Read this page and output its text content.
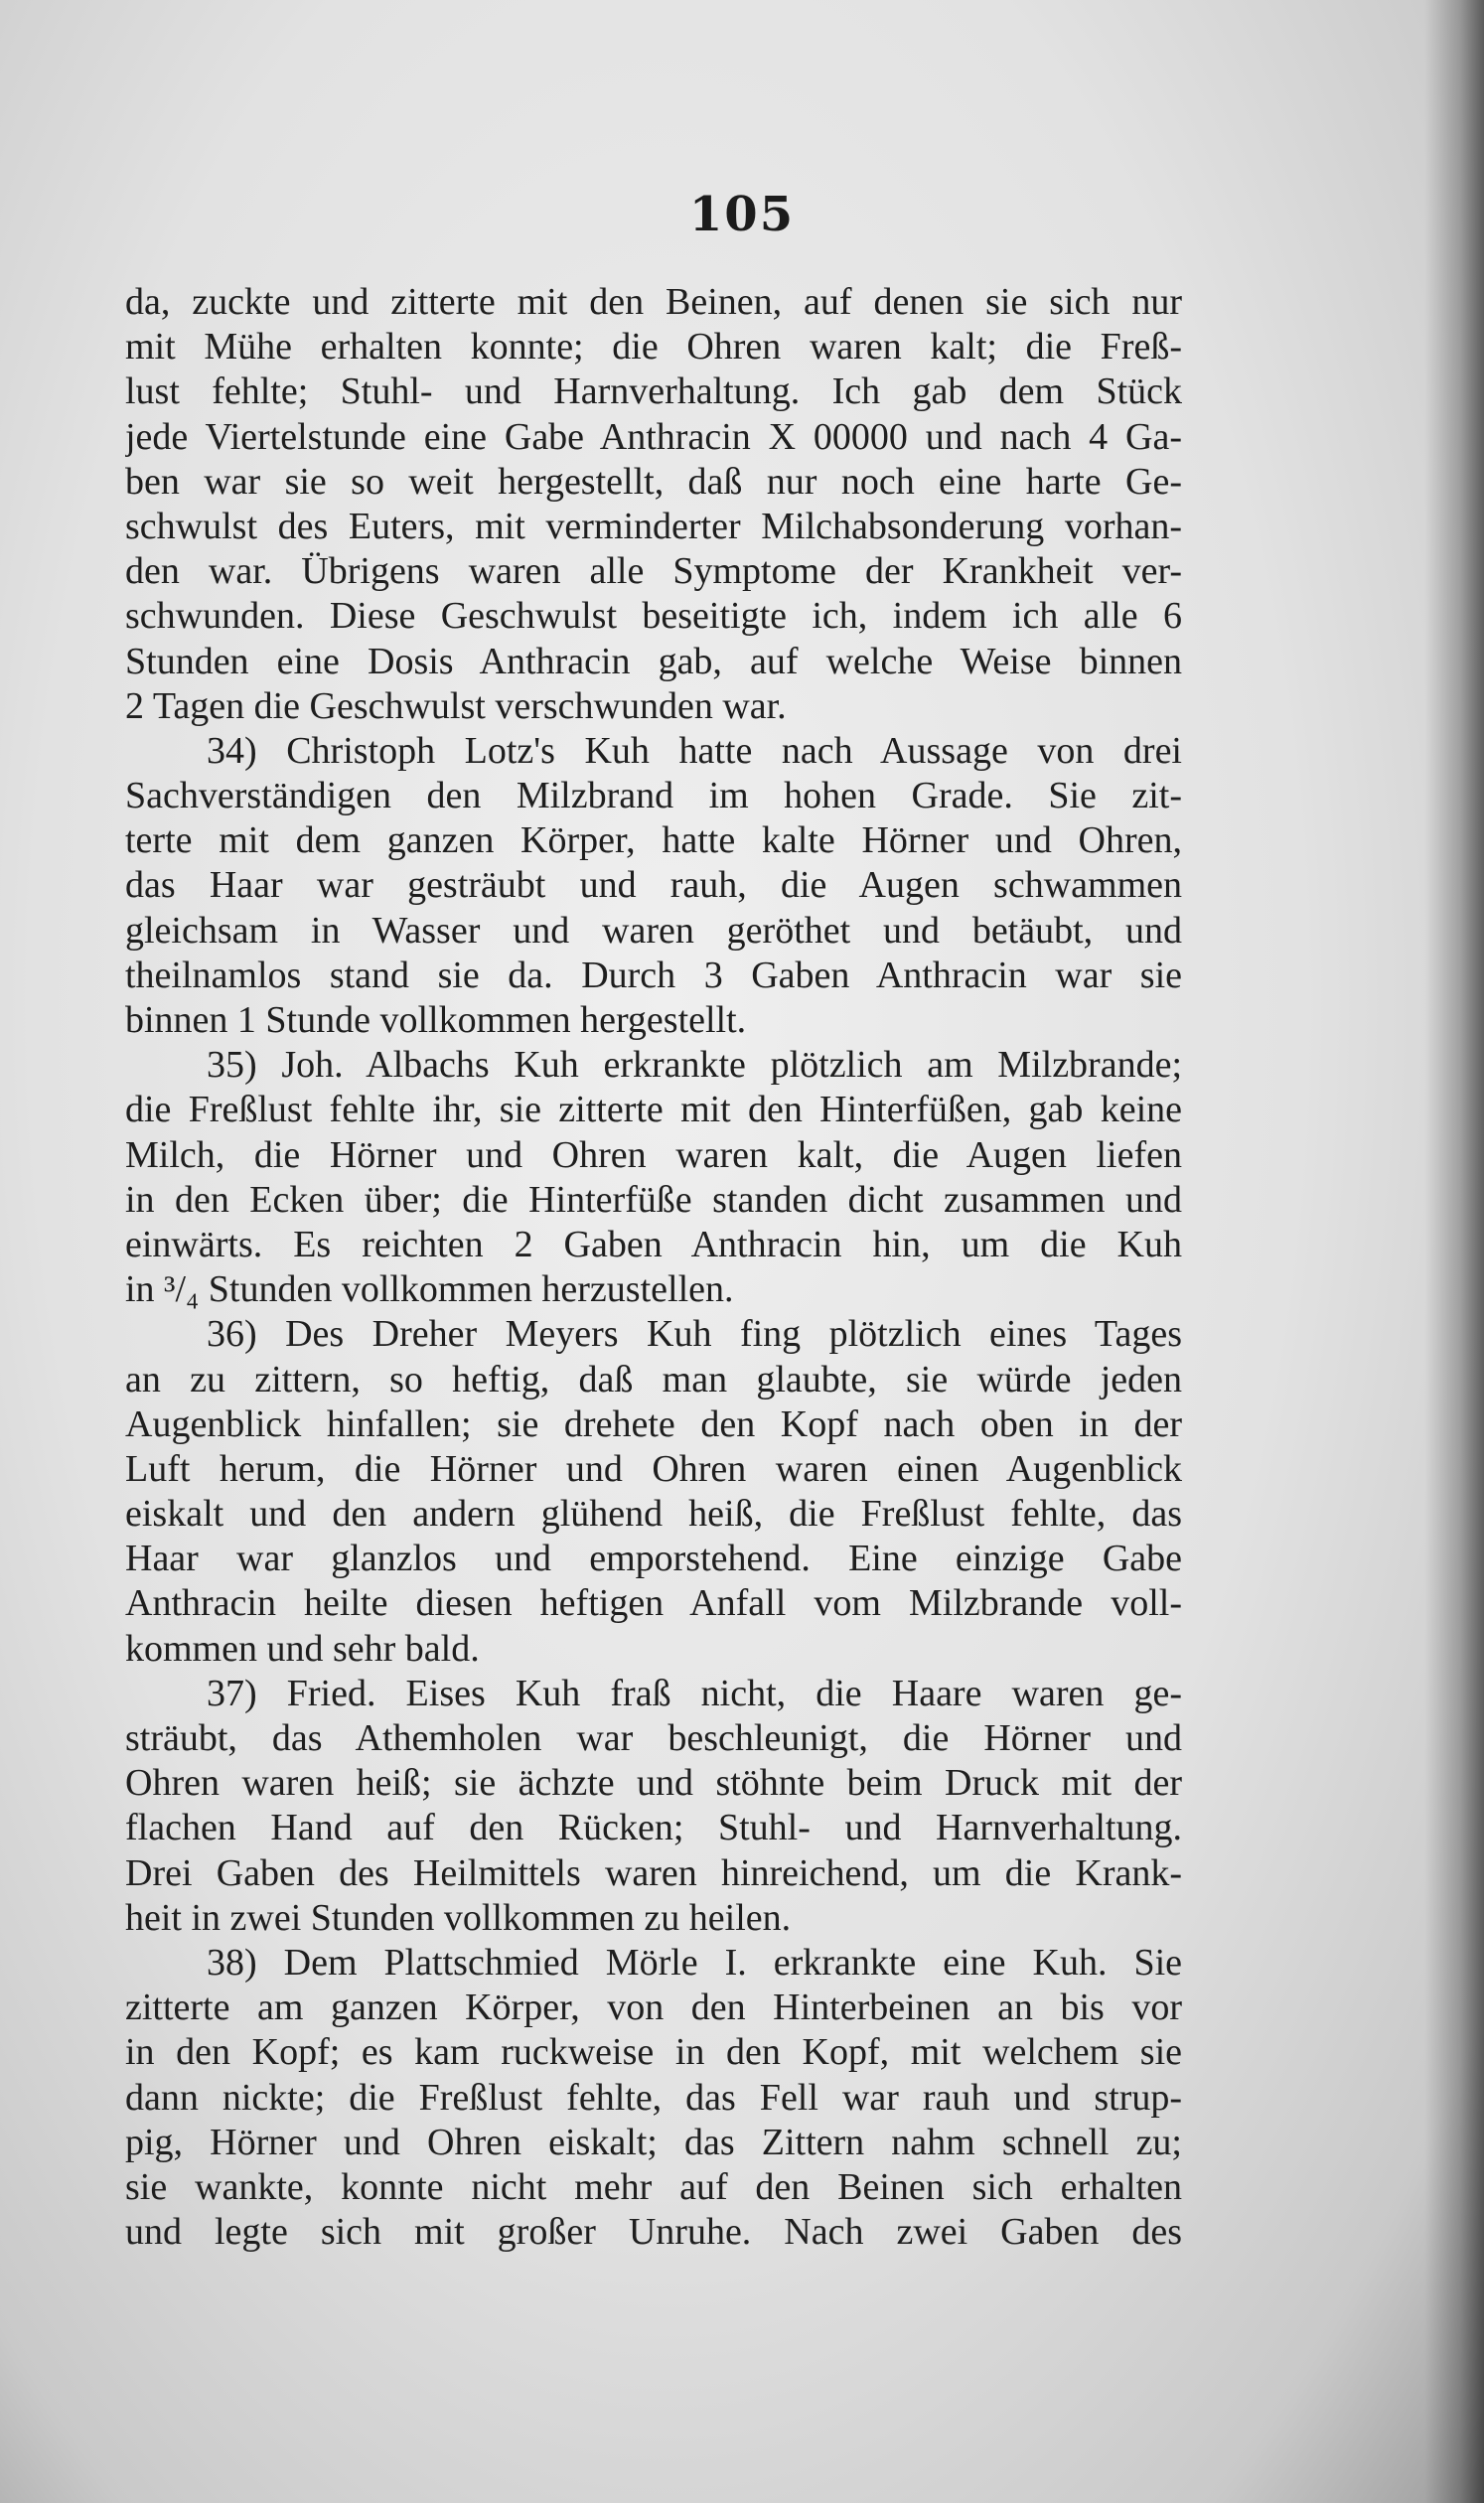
105
da, zuckte und zitterte mit den Beinen, auf denen sie sich nur
mit Mühe erhalten konnte; die Ohren waren kalt; die Freß-
lust fehlte; Stuhl- und Harnverhaltung. Ich gab dem Stück
jede Viertelstunde eine Gabe Anthracin X 00000 und nach 4 Ga-
ben war sie so weit hergestellt, daß nur noch eine harte Ge-
schwulst des Euters, mit verminderter Milchabsonderung vorhan-
den war. Übrigens waren alle Symptome der Krankheit ver-
schwunden. Diese Geschwulst beseitigte ich, indem ich alle 6
Stunden eine Dosis Anthracin gab, auf welche Weise binnen
2 Tagen die Geschwulst verschwunden war.
34) Christoph Lotz's Kuh hatte nach Aussage von drei
Sachverständigen den Milzbrand im hohen Grade. Sie zit-
terte mit dem ganzen Körper, hatte kalte Hörner und Ohren,
das Haar war gesträubt und rauh, die Augen schwammen
gleichsam in Wasser und waren geröthet und betäubt, und
theilnamlos stand sie da. Durch 3 Gaben Anthracin war sie
binnen 1 Stunde vollkommen hergestellt.
35) Joh. Albachs Kuh erkrankte plötzlich am Milzbrande;
die Freßlust fehlte ihr, sie zitterte mit den Hinterfüßen, gab keine
Milch, die Hörner und Ohren waren kalt, die Augen liefen
in den Ecken über; die Hinterfüße standen dicht zusammen und
einwärts. Es reichten 2 Gaben Anthracin hin, um die Kuh
in ³/₄ Stunden vollkommen herzustellen.
36) Des Dreher Meyers Kuh fing plötzlich eines Tages
an zu zittern, so heftig, daß man glaubte, sie würde jeden
Augenblick hinfallen; sie drehete den Kopf nach oben in der
Luft herum, die Hörner und Ohren waren einen Augenblick
eiskalt und den andern glühend heiß, die Freßlust fehlte, das
Haar war glanzlos und emporstehend. Eine einzige Gabe
Anthracin heilte diesen heftigen Anfall vom Milzbrande voll-
kommen und sehr bald.
37) Fried. Eises Kuh fraß nicht, die Haare waren ge-
sträubt, das Athemholen war beschleunigt, die Hörner und
Ohren waren heiß; sie ächzte und stöhnte beim Druck mit der
flachen Hand auf den Rücken; Stuhl- und Harnverhaltung.
Drei Gaben des Heilmittels waren hinreichend, um die Krank-
heit in zwei Stunden vollkommen zu heilen.
38) Dem Plattschmied Mörle I. erkrankte eine Kuh. Sie
zitterte am ganzen Körper, von den Hinterbeinen an bis vor
in den Kopf; es kam ruckweise in den Kopf, mit welchem sie
dann nickte; die Freßlust fehlte, das Fell war rauh und strup-
pig, Hörner und Ohren eiskalt; das Zittern nahm schnell zu;
sie wankte, konnte nicht mehr auf den Beinen sich erhalten
und legte sich mit großer Unruhe. Nach zwei Gaben des
